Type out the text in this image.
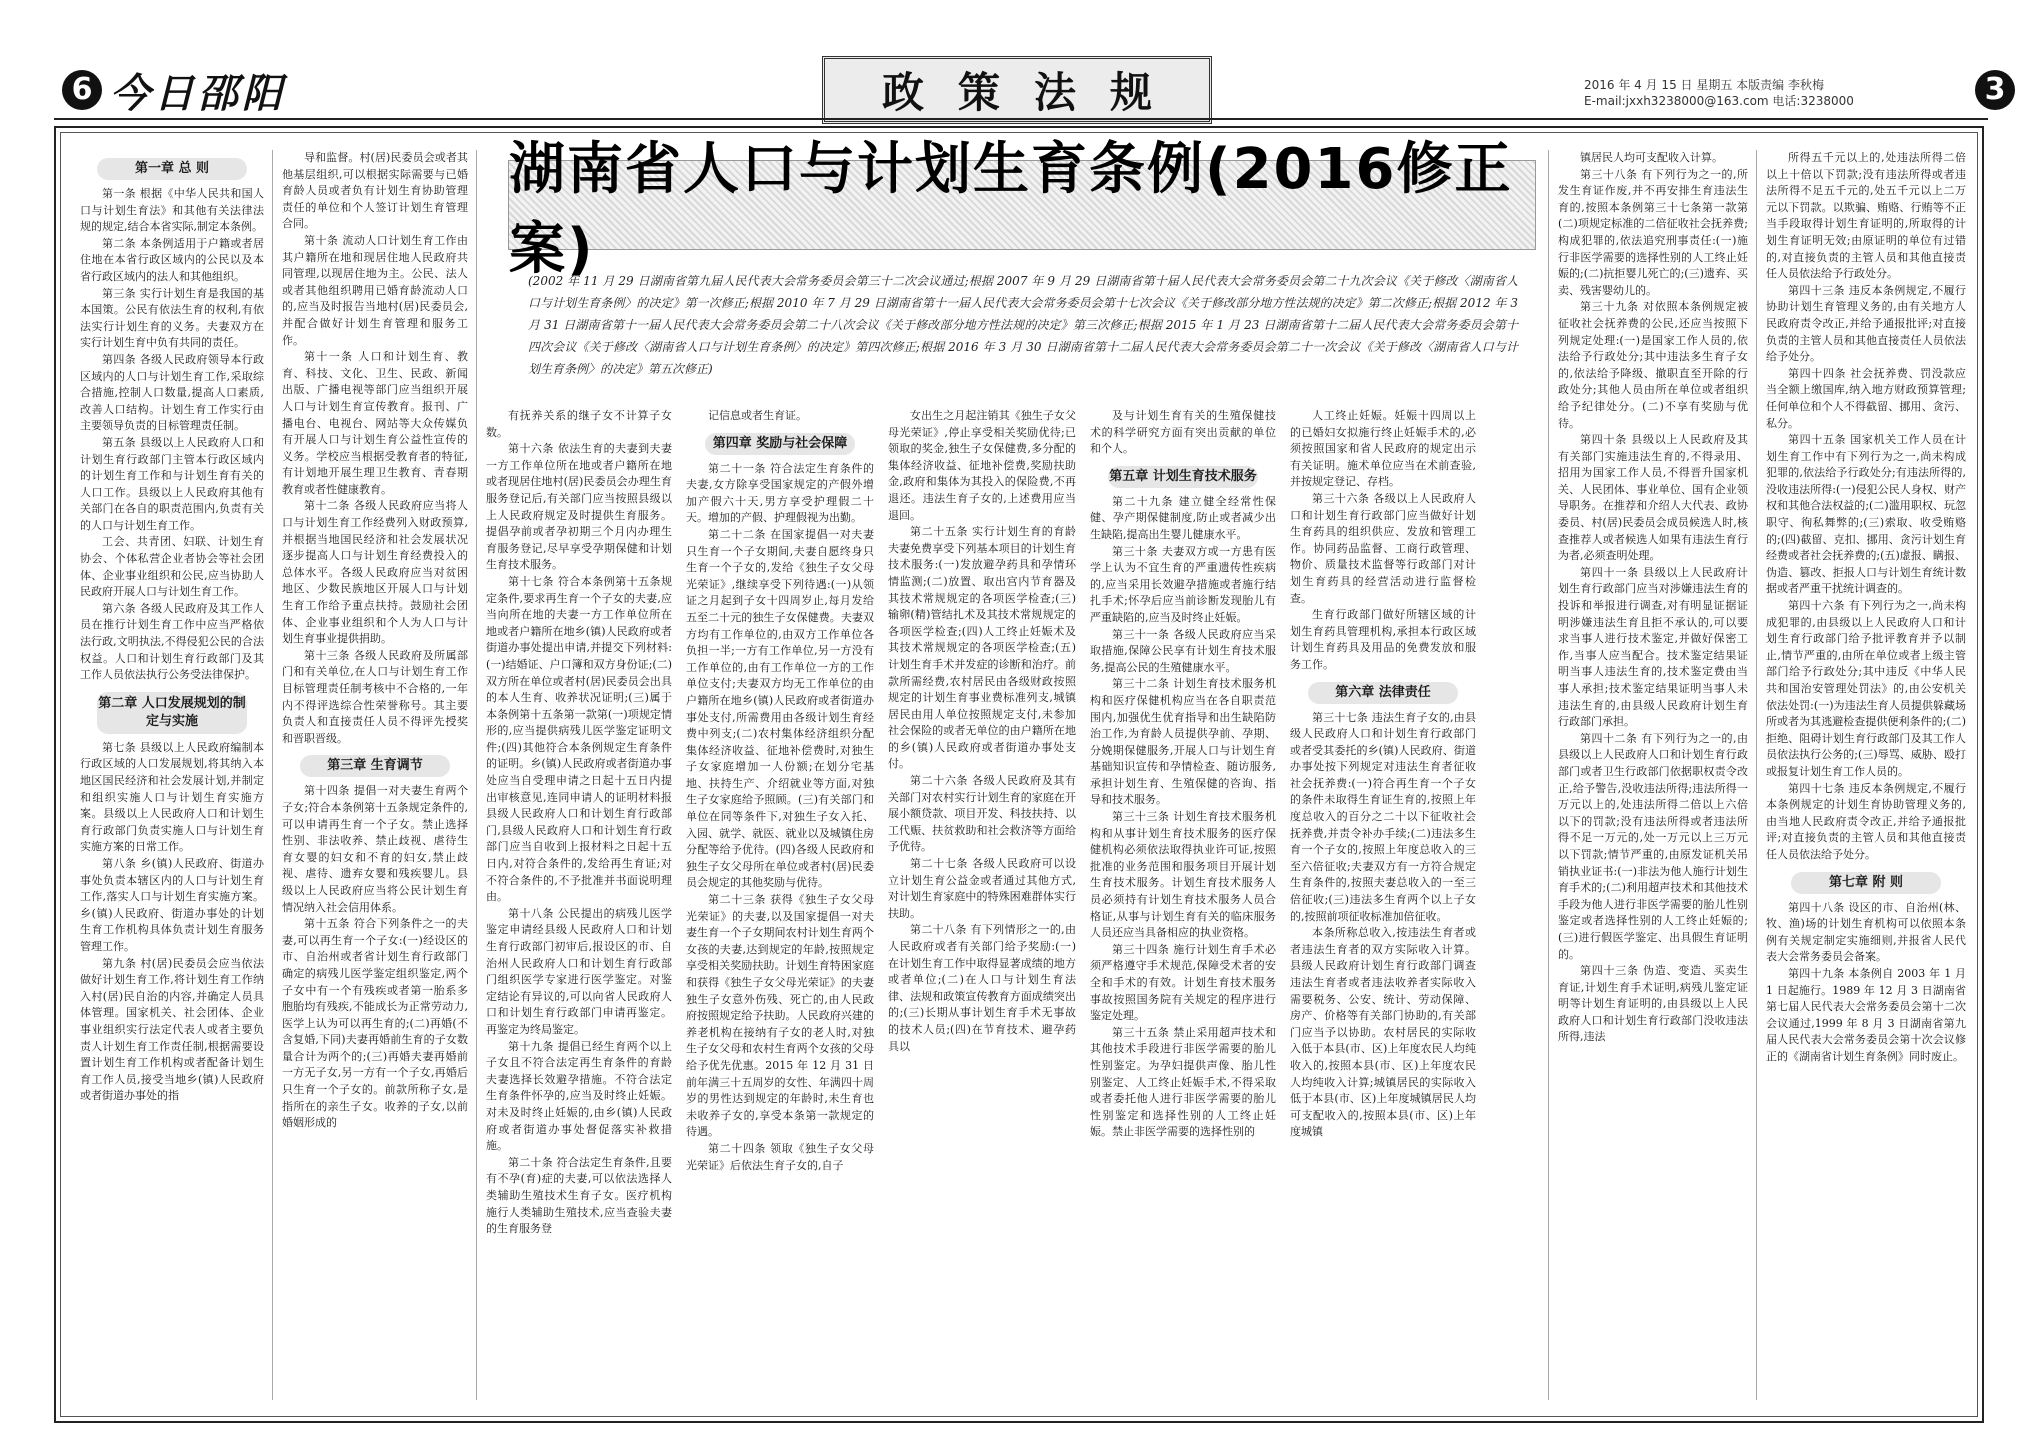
6 今日邵阳	政策法规	2016 年 4 月 15 日 星期五 本版责编 李秋梅
E-mail:jxxh3238000@163.com 电话:3238000	3
湖南省人口与计划生育条例(2016修正案)
(2002 年 11 月 29 日湖南省第九届人民代表大会常务委员会第三十二次会议通过;根据 2007 年 9 月 29 日湖南省第十届人民代表大会常务委员会第二十九次会议《关于修改〈湖南省人口与计划生育条例〉的决定》第一次修正;根据 2010 年 7 月 29 日湖南省第十一届人民代表大会常务委员会第十七次会议《关于修改部分地方性法规的决定》第二次修正;根据 2012 年 3 月 31 日湖南省第十一届人民代表大会常务委员会第二十八次会议《关于修改部分地方性法规的决定》第三次修正;根据 2015 年 1 月 23 日湖南省第十二届人民代表大会常务委员会第十四次会议《关于修改〈湖南省人口与计划生育条例〉的决定》第四次修正;根据 2016 年 3 月 30 日湖南省第十二届人民代表大会常务委员会第二十一次会议《关于修改〈湖南省人口与计划生育条例〉的决定》第五次修正)
第一章 总 则

第一条 根据《中华人民共和国人口与计划生育法》和其他有关法律法规的规定,结合本省实际,制定本条例。

第二条 本条例适用于户籍或者居住地在本省行政区域内的公民以及本省行政区域内的法人和其他组织。

第三条 实行计划生育是我国的基本国策。公民有依法生育的权利,有依法实行计划生育的义务。夫妻双方在实行计划生育中负有共同的责任。

第四条 各级人民政府领导本行政区域内的人口与计划生育工作,采取综合措施,控制人口数量,提高人口素质,改善人口结构。计划生育工作实行由主要领导负责的目标管理责任制。

第五条 县级以上人民政府人口和计划生育行政部门主管本行政区域内的计划生育工作和与计划生育有关的人口工作。县级以上人民政府其他有关部门在各自的职责范围内,负责有关的人口与计划生育工作。

工会、共青团、妇联、计划生育协会、个体私营企业者协会等社会团体、企业事业组织和公民,应当协助人民政府开展人口与计划生育工作。

第六条 各级人民政府及其工作人员在推行计划生育工作中应当严格依法行政,文明执法,不得侵犯公民的合法权益。人口和计划生育行政部门及其工作人员依法执行公务受法律保护。

第二章 人口发展规划的制定与实施

第七条 县级以上人民政府编制本行政区域的人口发展规划,将其纳入本地区国民经济和社会发展计划,并制定和组织实施人口与计划生育实施方案。县级以上人民政府人口和计划生育行政部门负责实施人口与计划生育实施方案的日常工作。

第八条 乡(镇)人民政府、街道办事处负责本辖区内的人口与计划生育工作,落实人口与计划生育实施方案。乡(镇)人民政府、街道办事处的计划生育工作机构具体负责计划生育服务管理工作。

第九条 村(居)民委员会应当依法做好计划生育工作,将计划生育工作纳入村(居)民自治的内容,并确定人员具体管理。国家机关、社会团体、企业事业组织实行法定代表人或者主要负责人计划生育工作责任制,根据需要设置计划生育工作机构或者配备计划生育工作人员,接受当地乡(镇)人民政府或者街道办事处的指

导和监督。村(居)民委员会或者其他基层组织,可以根据实际需要与已婚育龄人员或者负有计划生育协助管理责任的单位和个人签订计划生育管理合同。

第十条 流动人口计划生育工作由其户籍所在地和现居住地人民政府共同管理,以现居住地为主。公民、法人或者其他组织聘用已婚育龄流动人口的,应当及时报告当地村(居)民委员会,并配合做好计划生育管理和服务工作。

第十一条 人口和计划生育、教育、科技、文化、卫生、民政、新闻出版、广播电视等部门应当组织开展人口与计划生育宣传教育。报刊、广播电台、电视台、网站等大众传媒负有开展人口与计划生育公益性宣传的义务。学校应当根据受教育者的特征,有计划地开展生理卫生教育、青春期教育或者性健康教育。

第十二条 各级人民政府应当将人口与计划生育工作经费列入财政预算,并根据当地国民经济和社会发展状况逐步提高人口与计划生育经费投入的总体水平。各级人民政府应当对贫困地区、少数民族地区开展人口与计划生育工作给予重点扶持。鼓励社会团体、企业事业组织和个人为人口与计划生育事业提供捐助。

第十三条 各级人民政府及所属部门和有关单位,在人口与计划生育工作目标管理责任制考核中不合格的,一年内不得评选综合性荣誉称号。其主要负责人和直接责任人员不得评先授奖和晋职晋级。

第三章 生育调节

第十四条 提倡一对夫妻生育两个子女;符合本条例第十五条规定条件的,可以申请再生育一个子女。禁止选择性别、非法收养、禁止歧视、虐待生育女婴的妇女和不育的妇女,禁止歧视、虐待、遗弃女婴和残疾婴儿。县级以上人民政府应当将公民计划生育情况纳入社会信用体系。

第十五条 符合下列条件之一的夫妻,可以再生育一个子女:(一)经设区的市、自治州或者省计划生育行政部门确定的病残儿医学鉴定组织鉴定,两个子女中有一个有残疾或者第一胎系多胞胎均有残疾,不能成长为正常劳动力,医学上认为可以再生育的;(二)再婚(不含复婚,下同)夫妻再婚前生育的子女数量合计为两个的;(三)再婚夫妻再婚前一方无子女,另一方有一个子女,再婚后只生育一个子女的。前款所称子女,是指所在的亲生子女。收养的子女,以前婚姻形成的

有抚养关系的继子女不计算子女数。

第十六条 依法生育的夫妻到夫妻一方工作单位所在地或者户籍所在地或者现居住地村(居)民委员会办理生育服务登记后,有关部门应当按照县级以上人民政府规定及时提供生育服务。提倡孕前或者孕初期三个月内办理生育服务登记,尽早享受孕期保健和计划生育技术服务。

第十七条 符合本条例第十五条规定条件,要求再生育一个子女的夫妻,应当向所在地的夫妻一方工作单位所在地或者户籍所在地乡(镇)人民政府或者街道办事处提出申请,并提交下列材料:(一)结婚证、户口簿和双方身份证;(二)双方所在单位或者村(居)民委员会出具的本人生育、收养状况证明;(三)属于本条例第十五条第一款第(一)项规定情形的,应当提供病残儿医学鉴定证明文件;(四)其他符合本条例规定生育条件的证明。乡(镇)人民政府或者街道办事处应当自受理申请之日起十五日内提出审核意见,连同申请人的证明材料报县级人民政府人口和计划生育行政部门,县级人民政府人口和计划生育行政部门应当自收到上报材料之日起十五日内,对符合条件的,发给再生育证;对不符合条件的,不予批准并书面说明理由。

第十八条 公民提出的病残儿医学鉴定申请经县级人民政府人口和计划生育行政部门初审后,报设区的市、自治州人民政府人口和计划生育行政部门组织医学专家进行医学鉴定。对鉴定结论有异议的,可以向省人民政府人口和计划生育行政部门申请再鉴定。再鉴定为终局鉴定。

第十九条 提倡已经生育两个以上子女且不符合法定再生育条件的育龄夫妻选择长效避孕措施。不符合法定生育条件怀孕的,应当及时终止妊娠。对未及时终止妊娠的,由乡(镇)人民政府或者街道办事处督促落实补救措施。

第二十条 符合法定生育条件,且要有不孕(育)症的夫妻,可以依法选择人类辅助生殖技术生育子女。医疗机构施行人类辅助生殖技术,应当查验夫妻的生育服务登

记信息或者生育证。

第四章 奖励与社会保障

第二十一条 符合法定生育条件的夫妻,女方除享受国家规定的产假外增加产假六十天,男方享受护理假二十天。增加的产假、护理假视为出勤。

第二十二条 在国家提倡一对夫妻只生育一个子女期间,夫妻自愿终身只生育一个子女的,发给《独生子女父母光荣证》,继续享受下列待遇:(一)从领证之月起到子女十四周岁止,每月发给五至二十元的独生子女保健费。夫妻双方均有工作单位的,由双方工作单位各负担一半;一方有工作单位,另一方没有工作单位的,由有工作单位一方的工作单位支付;夫妻双方均无工作单位的由户籍所在地乡(镇)人民政府或者街道办事处支付,所需费用由各级计划生育经费中列支;(二)农村集体经济组织分配集体经济收益、征地补偿费时,对独生子女家庭增加一人份额;在划分宅基地、扶持生产、介绍就业等方面,对独生子女家庭给予照顾。(三)有关部门和单位在同等条件下,对独生子女入托、入园、就学、就医、就业以及城镇住房分配等给予优待。(四)各级人民政府和独生子女父母所在单位或者村(居)民委员会规定的其他奖励与优待。

第二十三条 获得《独生子女父母光荣证》的夫妻,以及国家提倡一对夫妻生育一个子女期间农村计划生育两个女孩的夫妻,达到规定的年龄,按照规定享受相关奖励扶助。计划生育特困家庭和获得《独生子女父母光荣证》的夫妻独生子女意外伤残、死亡的,由人民政府按照规定给予扶助。人民政府兴建的养老机构在接纳有子女的老人时,对独生子女父母和农村生育两个女孩的父母给予优先优惠。2015 年 12 月 31 日前年满三十五周岁的女性、年满四十周岁的男性达到规定的年龄时,未生育也未收养子女的,享受本条第一款规定的待遇。

第二十四条 领取《独生子女父母光荣证》后依法生育子女的,自子

女出生之月起注销其《独生子女父母光荣证》,停止享受相关奖励优待;已领取的奖金,独生子女保健费,多分配的集体经济收益、征地补偿费,奖励扶助金,政府和集体为其投入的保险费,不再退还。违法生育子女的,上述费用应当退回。

第二十五条 实行计划生育的育龄夫妻免费享受下列基本项目的计划生育技术服务:(一)发放避孕药具和孕情环情监测;(二)放置、取出宫内节育器及其技术常规规定的各项医学检查;(三)输卵(精)管结扎术及其技术常规规定的各项医学检查;(四)人工终止妊娠术及其技术常规规定的各项医学检查;(五)计划生育手术并发症的诊断和治疗。前款所需经费,农村居民由各级财政按照规定的计划生育事业费标准列支,城镇居民由用人单位按照规定支付,未参加社会保险的或者无单位的由户籍所在地的乡(镇)人民政府或者街道办事处支付。

第二十六条 各级人民政府及其有关部门对农村实行计划生育的家庭在开展小额贷款、项目开发、科技扶持、以工代赈、扶贫救助和社会救济等方面给予优待。

第二十七条 各级人民政府可以设立计划生育公益金或者通过其他方式,对计划生育家庭中的特殊困难群体实行扶助。

第二十八条 有下列情形之一的,由人民政府或者有关部门给予奖励:(一)在计划生育工作中取得显著成绩的地方或者单位;(二)在人口与计划生育法律、法规和政策宣传教育方面成绩突出的;(三)长期从事计划生育手术无事故的技术人员;(四)在节育技术、避孕药具以

及与计划生育有关的生殖保健技术的科学研究方面有突出贡献的单位和个人。

第五章 计划生育技术服务

第二十九条 建立健全经常性保健、孕产期保健制度,防止或者减少出生缺陷,提高出生婴儿健康水平。

第三十条 夫妻双方或一方患有医学上认为不宜生育的严重遗传性疾病的,应当采用长效避孕措施或者施行结扎手术;怀孕后应当前诊断发现胎儿有严重缺陷的,应当及时终止妊娠。

第三十一条 各级人民政府应当采取措施,保障公民享有计划生育技术服务,提高公民的生殖健康水平。

第三十二条 计划生育技术服务机构和医疗保健机构应当在各自职责范围内,加强优生优育指导和出生缺陷防治工作,为育龄人员提供孕前、孕期、分娩期保健服务,开展人口与计划生育基础知识宣传和孕情检查、随访服务,承担计划生育、生殖保健的咨询、指导和技术服务。

第三十三条 计划生育技术服务机构和从事计划生育技术服务的医疗保健机构必须依法取得执业许可证,按照批准的业务范围和服务项目开展计划生育技术服务。计划生育技术服务人员必须持有计划生育技术服务人员合格证,从事与计划生育有关的临床服务人员还应当具备相应的执业资格。

第三十四条 施行计划生育手术必须严格遵守手术规范,保障受术者的安全和手术的有效。计划生育技术服务事故按照国务院有关规定的程序进行鉴定处理。

第三十五条 禁止采用超声技术和其他技术手段进行非医学需要的胎儿性别鉴定。为孕妇提供声像、胎儿性别鉴定、人工终止妊娠手术,不得采取或者委托他人进行非医学需要的胎儿性别鉴定和选择性别的人工终止妊娠。禁止非医学需要的选择性别的

人工终止妊娠。妊娠十四周以上的已婚妇女拟施行终止妊娠手术的,必须按照国家和省人民政府的规定出示有关证明。施术单位应当在术前查验,并按规定登记、存档。

第三十六条 各级以上人民政府人口和计划生育行政部门应当做好计划生育药具的组织供应、发放和管理工作。协同药品监督、工商行政管理、物价、质量技术监督等行政部门对计划生育药具的经营活动进行监督检查。

生育行政部门做好所辖区域的计划生育药具管理机构,承担本行政区域计划生育药具及用品的免费发放和服务工作。

第六章 法律责任

第三十七条 违法生育子女的,由县级人民政府人口和计划生育行政部门或者受其委托的乡(镇)人民政府、街道办事处按下列规定对违法生育者征收社会抚养费:(一)符合再生育一个子女的条件未取得生育证生育的,按照上年度总收入的百分之二十以下征收社会抚养费,并责令补办手续;(二)违法多生育一个子女的,按照上年度总收入的三至六倍征收;夫妻双方有一方符合规定生育条件的,按照夫妻总收入的一至三倍征收;(三)违法多生育两个以上子女的,按照前项征收标准加倍征收。

本条所称总收入,按违法生育者或者违法生育者的双方实际收入计算。县级人民政府计划生育行政部门调查违法生育者或者违法收养者实际收入需要税务、公安、统计、劳动保障、房产、价格等有关部门协助的,有关部门应当予以协助。农村居民的实际收入低于本县(市、区)上年度农民人均纯收入的,按照本县(市、区)上年度农民人均纯收入计算;城镇居民的实际收入低于本县(市、区)上年度城镇居民人均可支配收入的,按照本县(市、区)上年度城镇

镇居民人均可支配收入计算。

第三十八条 有下列行为之一的,所发生育证作废,并不再安排生育违法生育的,按照本条例第三十七条第一款第(二)项规定标准的二倍征收社会抚养费;构成犯罪的,依法追究刑事责任:(一)施行非医学需要的选择性别的人工终止妊娠的;(二)抗拒婴儿死亡的;(三)遗弃、买卖、残害婴幼儿的。

第三十九条 对依照本条例规定被征收社会抚养费的公民,还应当按照下列规定处理:(一)是国家工作人员的,依法给予行政处分;其中违法多生育子女的,依法给予降级、撤职直至开除的行政处分;其他人员由所在单位或者组织给予纪律处分。(二)不享有奖励与优待。

第四十条 县级以上人民政府及其有关部门实施违法生育的,不得录用、招用为国家工作人员,不得晋升国家机关、人民团体、事业单位、国有企业领导职务。在推荐和介绍人大代表、政协委员、村(居)民委员会成员候选人时,核查推荐人或者候选人如果有违法生育行为者,必须查明处理。

第四十一条 县级以上人民政府计划生育行政部门应当对涉嫌违法生育的投诉和举报进行调查,对有明显证据证明涉嫌违法生育且拒不承认的,可以要求当事人进行技术鉴定,并做好保密工作,当事人应当配合。技术鉴定结果证明当事人违法生育的,技术鉴定费由当事人承担;技术鉴定结果证明当事人未违法生育的,由县级人民政府计划生育行政部门承担。

第四十二条 有下列行为之一的,由县级以上人民政府人口和计划生育行政部门或者卫生行政部门依据职权责令改正,给予警告,没收违法所得;违法所得一万元以上的,处违法所得二倍以上六倍以下的罚款;没有违法所得或者违法所得不足一万元的,处一万元以上三万元以下罚款;情节严重的,由原发证机关吊销执业证书:(一)非法为他人施行计划生育手术的;(二)利用超声技术和其他技术手段为他人进行非医学需要的胎儿性别鉴定或者选择性别的人工终止妊娠的;(三)进行假医学鉴定、出具假生育证明的。

第四十三条 伪造、变造、买卖生育证,计划生育手术证明,病残儿鉴定证明等计划生育证明的,由县级以上人民政府人口和计划生育行政部门没收违法所得,违法

所得五千元以上的,处违法所得二倍以上十倍以下罚款;没有违法所得或者违法所得不足五千元的,处五千元以上二万元以下罚款。以欺骗、贿赂、行贿等不正当手段取得计划生育证明的,所取得的计划生育证明无效;由原证明的单位有过错的,对直接负责的主管人员和其他直接责任人员依法给予行政处分。

第四十三条 违反本条例规定,不履行协助计划生育管理义务的,由有关地方人民政府责令改正,并给予通报批评;对直接负责的主管人员和其他直接责任人员依法给予处分。

第四十四条 社会抚养费、罚没款应当全额上缴国库,纳入地方财政预算管理;任何单位和个人不得截留、挪用、贪污、私分。

第四十五条 国家机关工作人员在计划生育工作中有下列行为之一,尚未构成犯罪的,依法给予行政处分;有违法所得的,没收违法所得:(一)侵犯公民人身权、财产权和其他合法权益的;(二)滥用职权、玩忽职守、徇私舞弊的;(三)索取、收受贿赂的;(四)截留、克扣、挪用、贪污计划生育经费或者社会抚养费的;(五)虚报、瞒报、伪造、篡改、拒报人口与计划生育统计数据或者严重干扰统计调查的。

第四十六条 有下列行为之一,尚未构成犯罪的,由县级以上人民政府人口和计划生育行政部门给予批评教育并予以制止,情节严重的,由所在单位或者上级主管部门给予行政处分;其中违反《中华人民共和国治安管理处罚法》的,由公安机关依法处罚:(一)为违法生育人员提供躲藏场所或者为其逃避检查提供便利条件的;(二)拒绝、阻碍计划生育行政部门及其工作人员依法执行公务的;(三)辱骂、威胁、殴打或报复计划生育工作人员的。

第四十七条 违反本条例规定,不履行本条例规定的计划生育协助管理义务的,由当地人民政府责令改正,并给予通报批评;对直接负责的主管人员和其他直接责任人员依法给予处分。

第七章 附 则

第四十八条 设区的市、自治州(林、牧、渔)场的计划生育机构可以依照本条例有关规定制定实施细则,并报省人民代表大会常务委员会备案。

第四十九条 本条例自 2003 年 1 月 1 日起施行。1989 年 12 月 3 日湖南省第七届人民代表大会常务委员会第十二次会议通过,1999 年 8 月 3 日湖南省第九届人民代表大会常务委员会第十次会议修正的《湖南省计划生育条例》同时废止。
